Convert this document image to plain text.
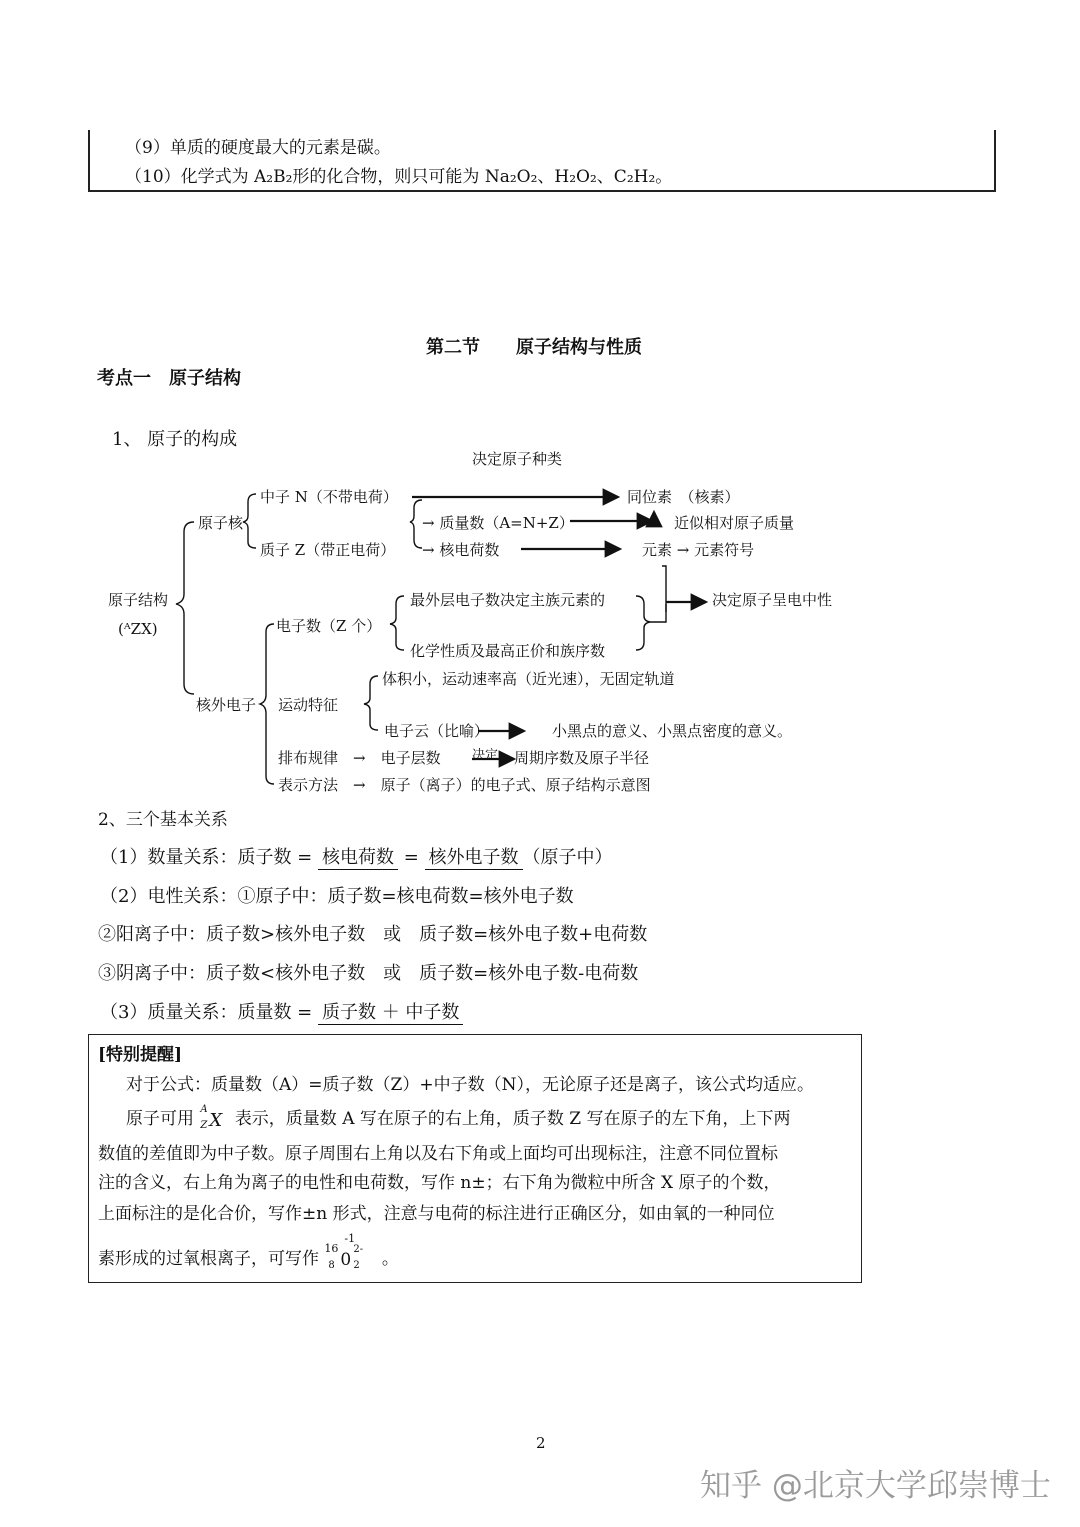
（9）单质的硬度最大的元素是碳。
（10）化学式为 A₂B₂形的化合物，则只可能为 Na₂O₂、H₂O₂、C₂H₂。
第二节　　原子结构与性质
考点一　原子结构
1、 原子的构成
决定原子种类
原子结构
(ᴬZX)
原子核
中子 N（不带电荷）
质子 Z（带正电荷）
同位素　（核素）
→ 质量数（A=N+Z）	近似相对原子质量
→ 核电荷数	元素 → 元素符号
决定原子呈电中性
核外电子
电子数（Z 个）
最外层电子数决定主族元素的
化学性质及最高正价和族序数
运动特征
体积小，运动速率高（近光速），无固定轨道
电子云（比喻）	小黑点的意义、小黑点密度的意义。
排布规律　→　电子层数 决定 周期序数及原子半径
表示方法　→　原子（离子）的电子式、原子结构示意图
2、三个基本关系
（1）数量关系：质子数 = 核电荷数 = 核外电子数 （原子中）
（2）电性关系：①原子中：质子数=核电荷数=核外电子数
②阳离子中：质子数>核外电子数　或　质子数=核外电子数+电荷数
③阴离子中：质子数<核外电子数　或　质子数=核外电子数-电荷数
（3）质量关系：质量数 = 质子数 ＋ 中子数
[特别提醒]
对于公式：质量数（A）=质子数（Z）+中子数（N），无论原子还是离子，该公式均适应。
原子可用 A
Z X 表示，质量数 A 写在原子的右上角，质子数 Z 写在原子的左下角，上下两
数值的差值即为中子数。原子周围右上角以及右下角或上面均可出现标注，注意不同位置标
注的含义，右上角为离子的电性和电荷数，写作 n±；右下角为微粒中所含 X 原子的个数，
上面标注的是化合价，写作±n 形式，注意与电荷的标注进行正确区分，如由氧的一种同位
素形成的过氧根离子，可写作
16
8 0
-1
2-
2 。
2
知乎 @北京大学邱崇博士
